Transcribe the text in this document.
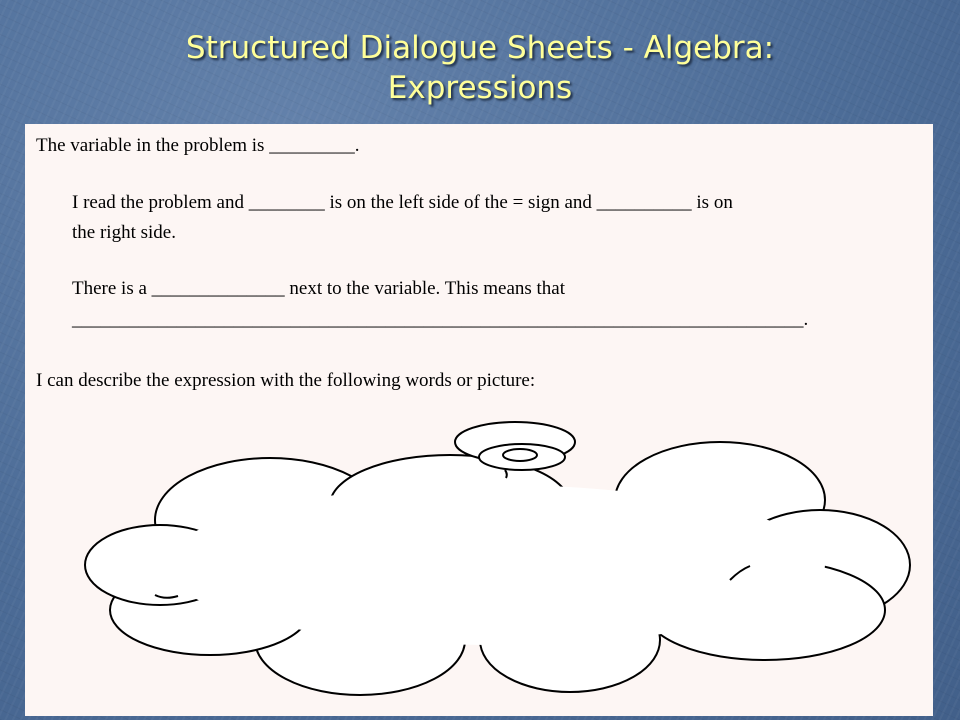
Structured Dialogue Sheets - Algebra:
Expressions
The variable in the problem is _________.
I read the problem and ________ is on the left side of the = sign and __________ is on
the right side.
There is a ______________ next to the variable. This means that
_____________________________________________________________________________.
I can describe the expression with the following words or picture:
